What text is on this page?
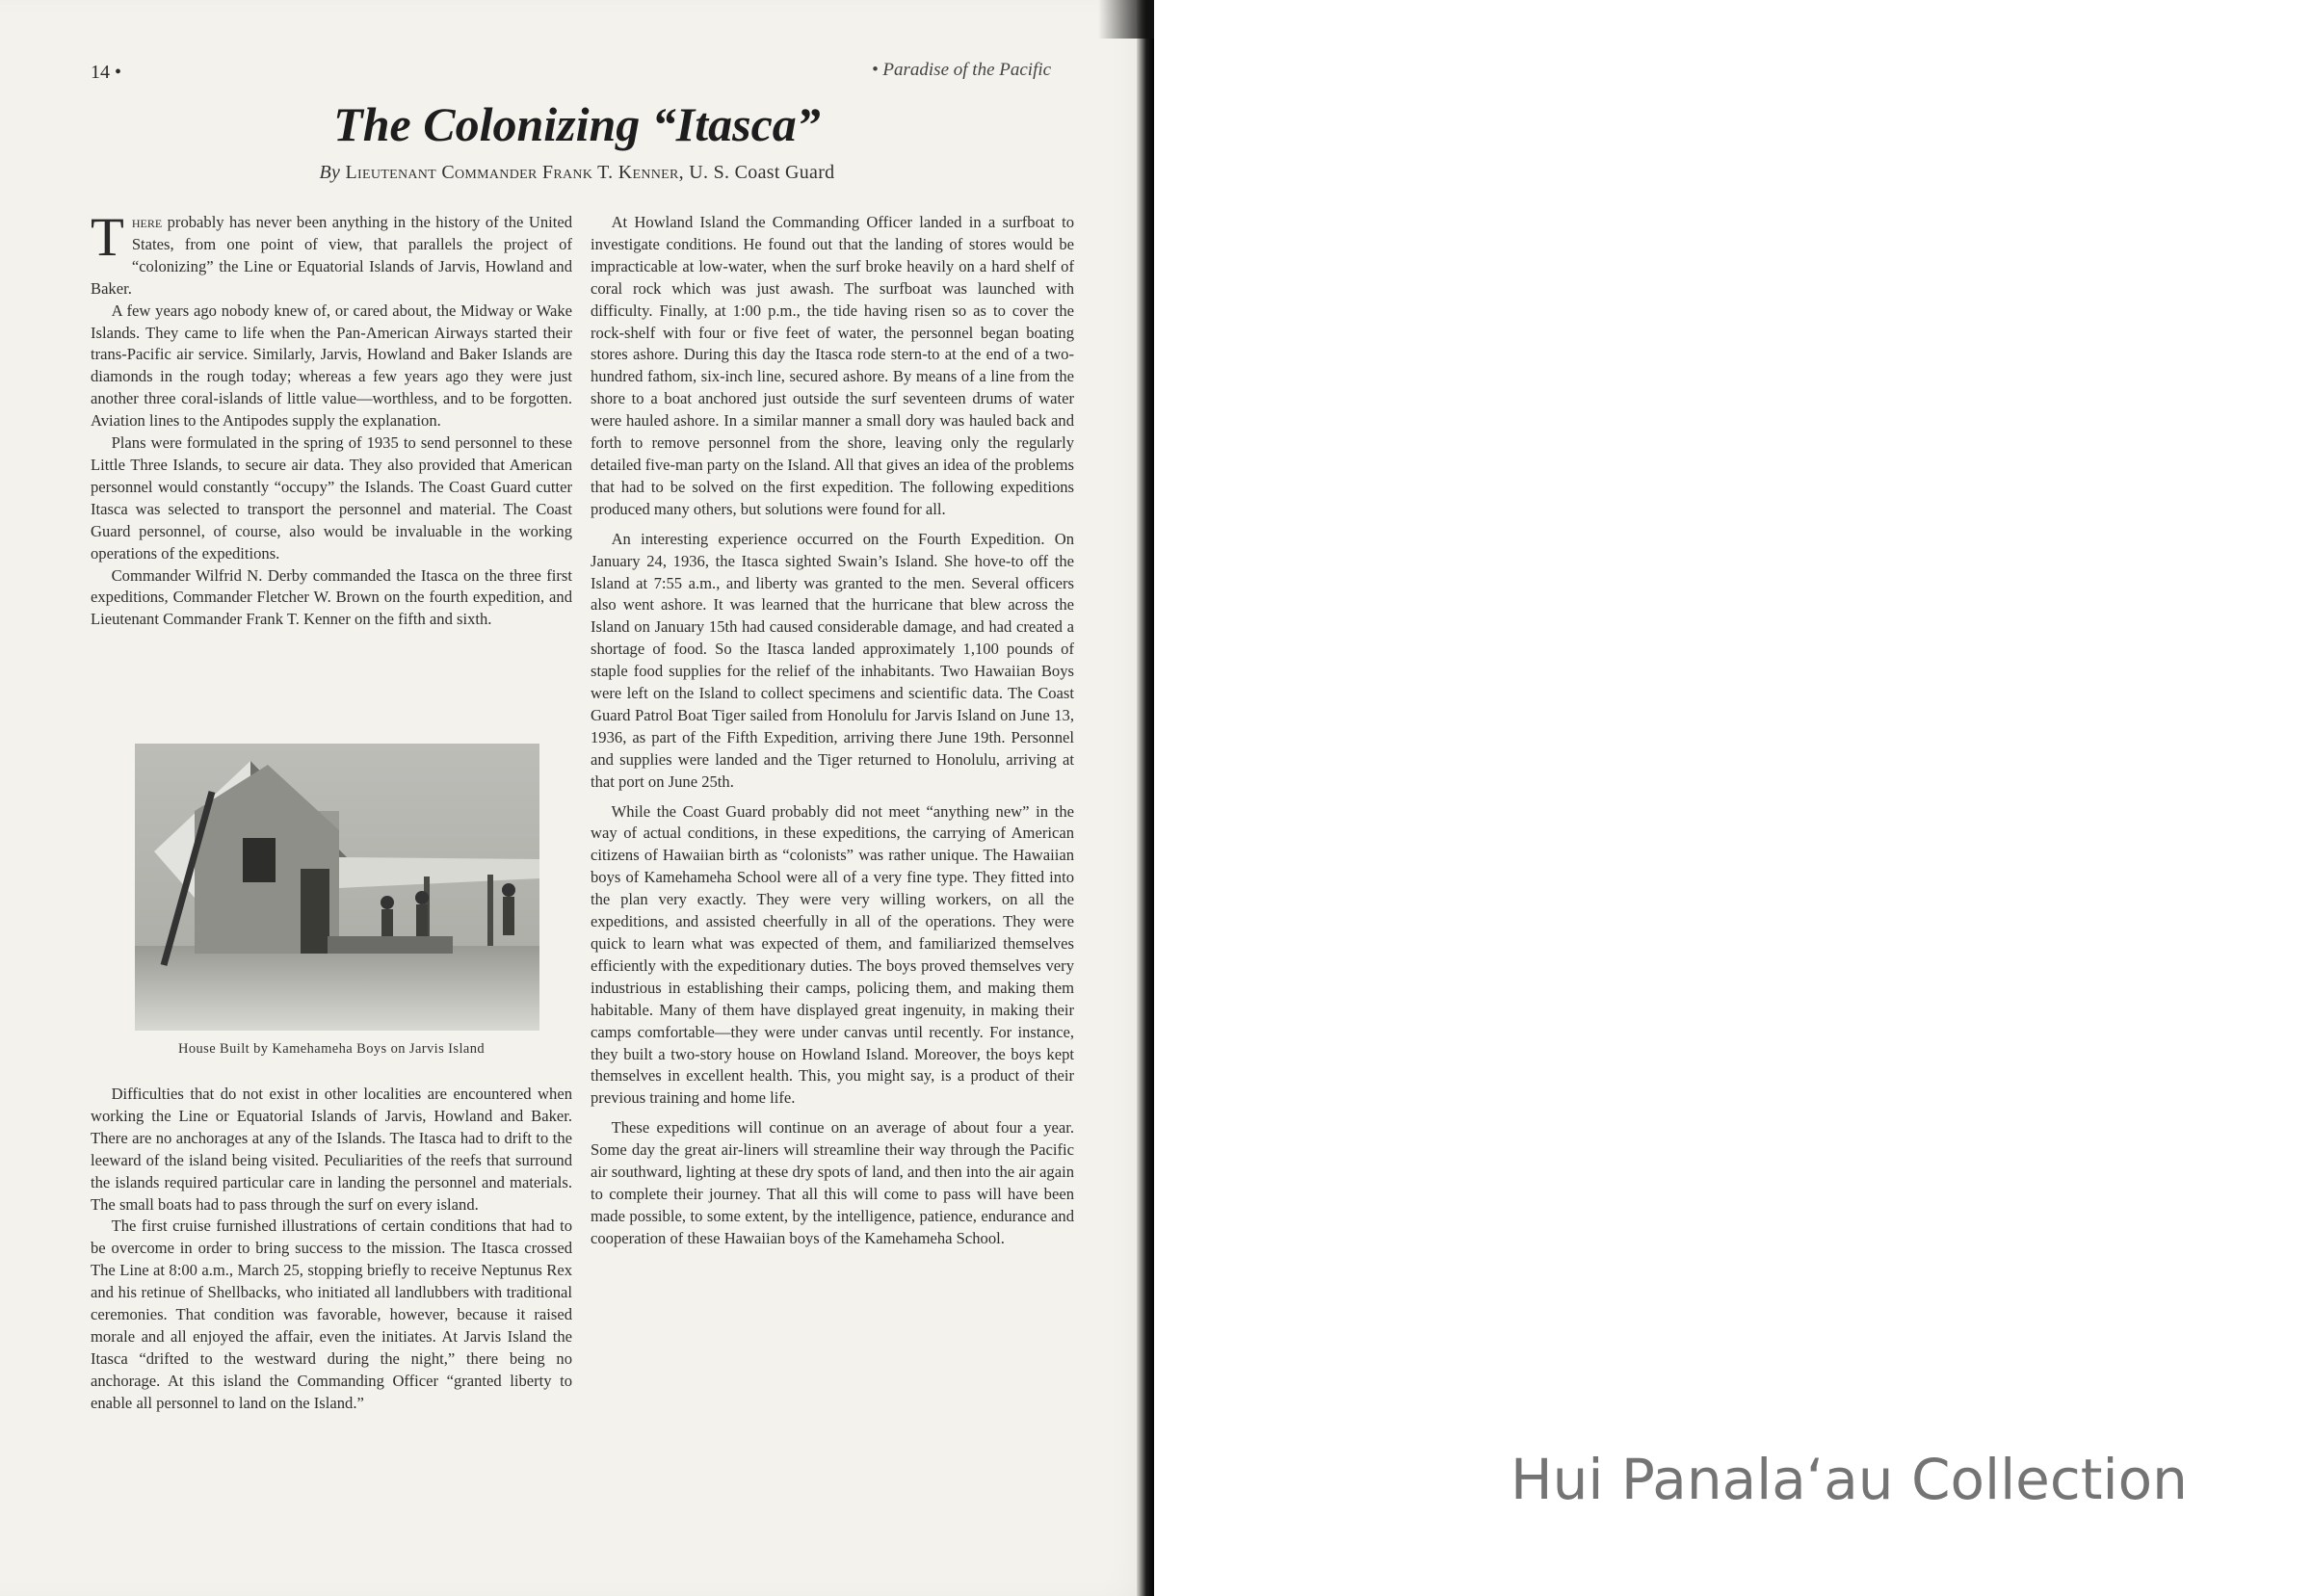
14 •	• Paradise of the Pacific
The Colonizing “Itasca”
By Lieutenant Commander Frank T. Kenner, U. S. Coast Guard

There probably has never been anything in the history of the United States, from one point of view, that parallels the project of “colonizing” the Line or Equatorial Islands of Jarvis, Howland and Baker.

A few years ago nobody knew of, or cared about, the Midway or Wake Islands. They came to life when the Pan-American Airways started their trans-Pacific air service. Similarly, Jarvis, Howland and Baker Islands are diamonds in the rough today; whereas a few years ago they were just another three coral-islands of little value—worthless, and to be forgotten. Aviation lines to the Antipodes supply the explanation.

Plans were formulated in the spring of 1935 to send personnel to these Little Three Islands, to secure air data. They also provided that American personnel would constantly “occupy” the Islands. The Coast Guard cutter Itasca was selected to transport the personnel and material. The Coast Guard personnel, of course, also would be invaluable in the working operations of the expeditions.

Commander Wilfrid N. Derby commanded the Itasca on the three first expeditions, Commander Fletcher W. Brown on the fourth expedition, and Lieutenant Commander Frank T. Kenner on the fifth and sixth.

House Built by Kamehameha Boys on Jarvis Island

Difficulties that do not exist in other localities are encountered when working the Line or Equatorial Islands of Jarvis, Howland and Baker. There are no anchorages at any of the Islands. The Itasca had to drift to the leeward of the island being visited. Peculiarities of the reefs that surround the islands required particular care in landing the personnel and materials. The small boats had to pass through the surf on every island.

The first cruise furnished illustrations of certain conditions that had to be overcome in order to bring success to the mission. The Itasca crossed The Line at 8:00 a.m., March 25, stopping briefly to receive Neptunus Rex and his retinue of Shellbacks, who initiated all landlubbers with traditional ceremonies. That condition was favorable, however, because it raised morale and all enjoyed the affair, even the initiates. At Jarvis Island the Itasca “drifted to the westward during the night,” there being no anchorage. At this island the Commanding Officer “granted liberty to enable all personnel to land on the Island.”

At Howland Island the Commanding Officer landed in a surfboat to investigate conditions. He found out that the landing of stores would be impracticable at low-water, when the surf broke heavily on a hard shelf of coral rock which was just awash. The surfboat was launched with difficulty. Finally, at 1:00 p.m., the tide having risen so as to cover the rock-shelf with four or five feet of water, the personnel began boating stores ashore. During this day the Itasca rode stern-to at the end of a two-hundred fathom, six-inch line, secured ashore. By means of a line from the shore to a boat anchored just outside the surf seventeen drums of water were hauled ashore. In a similar manner a small dory was hauled back and forth to remove personnel from the shore, leaving only the regularly detailed five-man party on the Island. All that gives an idea of the problems that had to be solved on the first expedition. The following expeditions produced many others, but solutions were found for all.

An interesting experience occurred on the Fourth Expedition. On January 24, 1936, the Itasca sighted Swain’s Island. She hove-to off the Island at 7:55 a.m., and liberty was granted to the men. Several officers also went ashore. It was learned that the hurricane that blew across the Island on January 15th had caused considerable damage, and had created a shortage of food. So the Itasca landed approximately 1,100 pounds of staple food supplies for the relief of the inhabitants. Two Hawaiian Boys were left on the Island to collect specimens and scientific data. The Coast Guard Patrol Boat Tiger sailed from Honolulu for Jarvis Island on June 13, 1936, as part of the Fifth Expedition, arriving there June 19th. Personnel and supplies were landed and the Tiger returned to Honolulu, arriving at that port on June 25th.

While the Coast Guard probably did not meet “anything new” in the way of actual conditions, in these expeditions, the carrying of American citizens of Hawaiian birth as “colonists” was rather unique. The Hawaiian boys of Kamehameha School were all of a very fine type. They fitted into the plan very exactly. They were very willing workers, on all the expeditions, and assisted cheerfully in all of the operations. They were quick to learn what was expected of them, and familiarized themselves efficiently with the expeditionary duties. The boys proved themselves very industrious in establishing their camps, policing them, and making them habitable. Many of them have displayed great ingenuity, in making their camps comfortable—they were under canvas until recently. For instance, they built a two-story house on Howland Island. Moreover, the boys kept themselves in excellent health. This, you might say, is a product of their previous training and home life.

These expeditions will continue on an average of about four a year. Some day the great air-liners will streamline their way through the Pacific air southward, lighting at these dry spots of land, and then into the air again to complete their journey. That all this will come to pass will have been made possible, to some extent, by the intelligence, patience, endurance and cooperation of these Hawaiian boys of the Kamehameha School.

Hui Panalaʻau Collection
